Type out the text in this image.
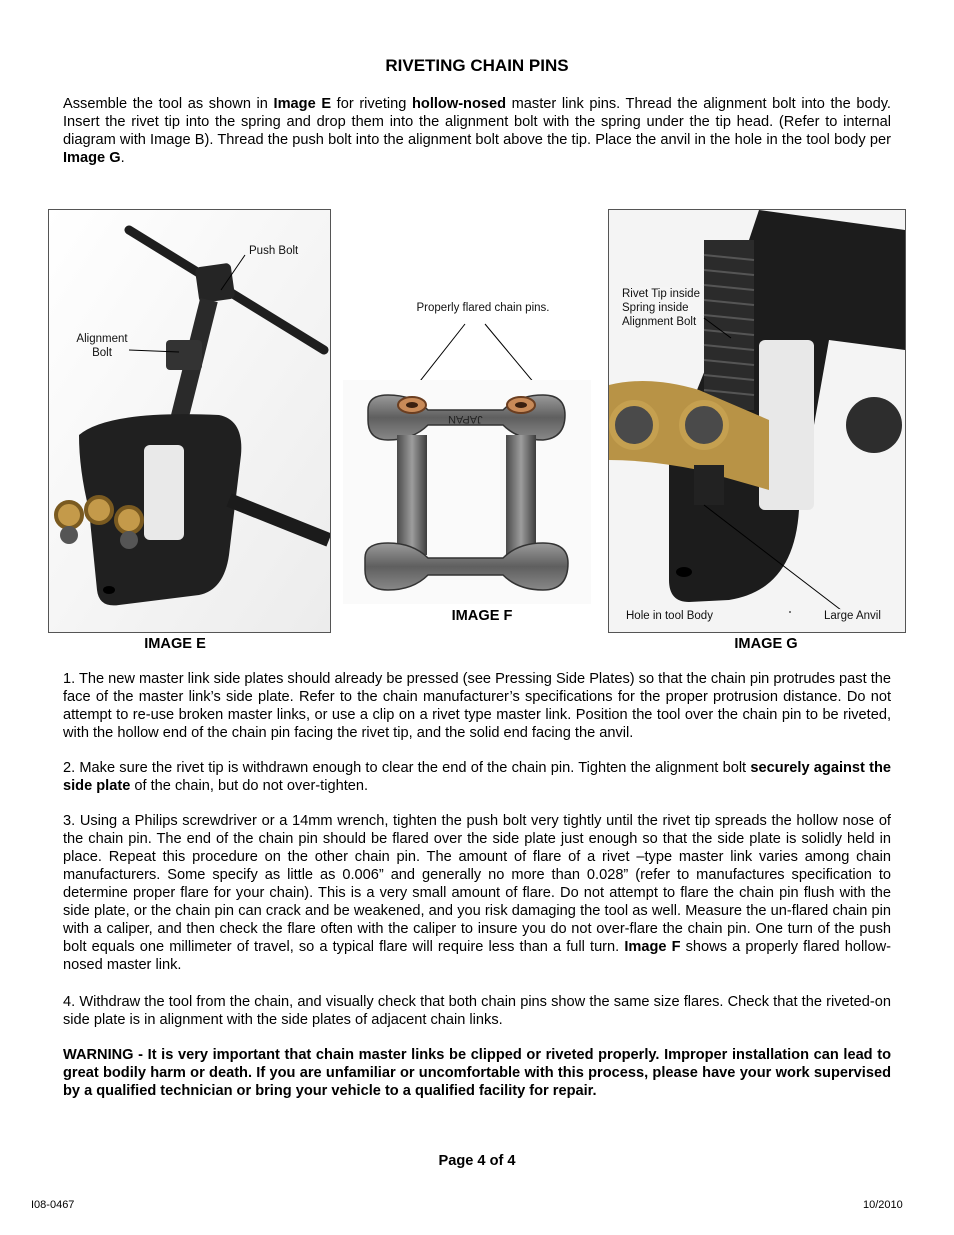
RIVETING CHAIN PINS

Assemble the tool as shown in Image E for riveting hollow-nosed master link pins. Thread the alignment bolt into the body. Insert the rivet tip into the spring and drop them into the alignment bolt with the spring under the tip head. (Refer to internal diagram with Image B). Thread the push bolt into the alignment bolt above the tip. Place the anvil in the hole in the tool body per Image G.

Push Bolt
Alignment
Bolt
IMAGE E
Properly flared chain pins.
JAPAN
IMAGE F
Rivet Tip inside
Spring inside
Alignment Bolt
Hole in tool Body	Large Anvil
IMAGE G

1. The new master link side plates should already be pressed (see Pressing Side Plates) so that the chain pin protrudes past the face of the master link’s side plate. Refer to the chain manufacturer’s specifications for the proper protrusion distance. Do not attempt to re-use broken master links, or use a clip on a rivet type master link. Position the tool over the chain pin to be riveted, with the hollow end of the chain pin facing the rivet tip, and the solid end facing the anvil.

2. Make sure the rivet tip is withdrawn enough to clear the end of the chain pin. Tighten the alignment bolt securely against the side plate of the chain, but do not over-tighten.

3. Using a Philips screwdriver or a 14mm wrench, tighten the push bolt very tightly until the rivet tip spreads the hollow nose of the chain pin. The end of the chain pin should be flared over the side plate just enough so that the side plate is solidly held in place. Repeat this procedure on the other chain pin. The amount of flare of a rivet –type master link varies among chain manufacturers. Some specify as little as 0.006” and generally no more than 0.028” (refer to manufactures specification to determine proper flare for your chain). This is a very small amount of flare. Do not attempt to flare the chain pin flush with the side plate, or the chain pin can crack and be weakened, and you risk damaging the tool as well. Measure the un-flared chain pin with a caliper, and then check the flare often with the caliper to insure you do not over-flare the chain pin. One turn of the push bolt equals one millimeter of travel, so a typical flare will require less than a full turn. Image F shows a properly flared hollow-nosed master link.

4. Withdraw the tool from the chain, and visually check that both chain pins show the same size flares. Check that the riveted-on side plate is in alignment with the side plates of adjacent chain links.

WARNING - It is very important that chain master links be clipped or riveted properly. Improper installation can lead to great bodily harm or death. If you are unfamiliar or uncomfortable with this process, please have your work supervised by a qualified technician or bring your vehicle to a qualified facility for repair.

Page 4 of 4
I08-0467	10/2010
